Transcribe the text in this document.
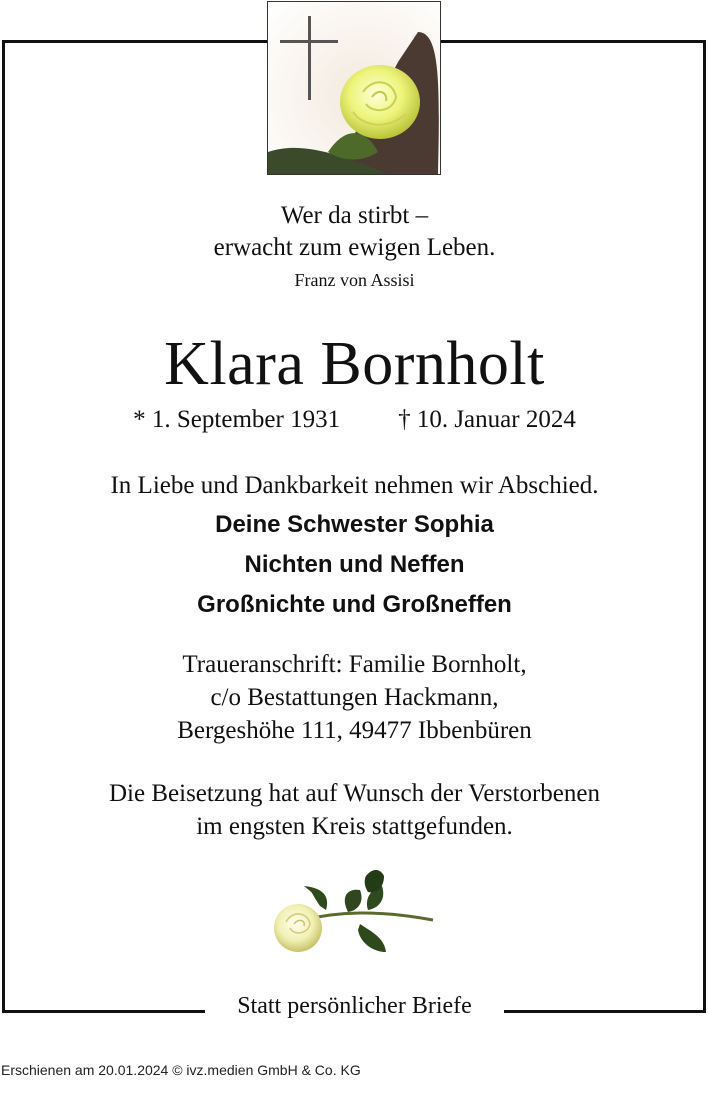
Wer da stirbt –
erwacht zum ewigen Leben.
Franz von Assisi
Klara Bornholt
* 1. September 1931 † 10. Januar 2024
In Liebe und Dankbarkeit nehmen wir Abschied.
Deine Schwester Sophia
Nichten und Neffen
Großnichte und Großneffen
Traueranschrift: Familie Bornholt,
c/o Bestattungen Hackmann,
Bergeshöhe 111, 49477 Ibbenbüren
Die Beisetzung hat auf Wunsch der Verstorbenen
im engsten Kreis stattgefunden.
Statt persönlicher Briefe
Erschienen am 20.01.2024 © ivz.medien GmbH & Co. KG
